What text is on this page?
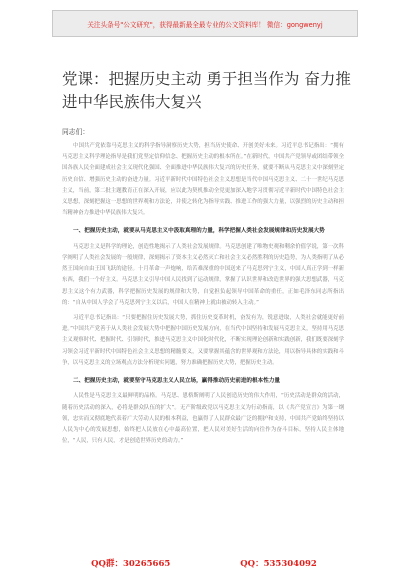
关注头条号"公文研究"，获得最新最全最专业的公文资料库！ 微信：gongwenyj
党课：把握历史主动 勇于担当作为 奋力推进中华民族伟大复兴
同志们：
中国共产党依靠马克思主义的科学指导洞察历史大势，担当历史使命、开创美好未来。习近平总书记指出：“拥有马克思主义科学理论指导是我们党坚定信仰信念、把握历史主动的根本所在。”在新时代，中国共产党领导或团结带领全国各族人民全面建成社会主义现代化强国、全面推进中华民族伟大复兴的历史任务，就要不断从马克思主义中深刻坚定历史自信、增强历史主动的奋进力量。习近平新时代中国特色社会主义思想是当代中国马克思主义、二十一世纪马克思主义，当前，第二批主题教育正在深入开展，应以此为契机推动全党更加深入地学习贯彻习近平新时代中国特色社会主义思想，深刻把握这一思想的世界观和方法论，并使之转化为指导实践、推进工作的强大力量，以强烈的历史主动和担当精神奋力推进中华民族伟大复兴。
一、把握历史主动，就要从马克思主义中汲取真理的力量，科学把握人类社会发展规律和历史发展大势
马克思主义是科学的理论，创造性地揭示了人类社会发展规律。马克思创建了唯物史观和剩余价值学说，第一次科学阐明了人类社会发展的一般规律，深刻揭示了资本主义必然灭亡和社会主义必然胜利的历史趋势，为人类指明了从必然王国向自由王国飞跃的途径。十月革命一声炮响，给苦难深重的中国送来了马克思列宁主义，中国人真正学到一样新东西，我们一个好主义。马克思主义引导中国人民找到了运动规律，掌握了认识世界和改造世界的强大思想武器，马克思主义这个有力武器，科学把握历史发展的规律和大势，自觉担负起领导中国革命的重任，正如毛泽东同志所指出的：“自从中国人学会了马克思列宁主义以后，中国人在精神上就由被动转入主动。”
习近平总书记指出：“只要把握住历史发展大势，抓住历史变革时机，奋发有为，锐意进取，人类社会就能更好前进。”中国共产党善于从人类社会发展大势中把握中国历史发展方向，在当代中国坚持和发展马克思主义，坚持用马克思主义观察时代、把握时代、引领时代，推进马克思主义中国化时代化，不断实现理论创新和实践创新，我们既要深刻学习领会习近平新时代中国特色社会主义思想的精髓要义，又要掌握其蕴含的世界观和方法论，用以指导具体的实践和斗争，以马克思主义的立场观点方法分析现实问题，努力准确把握历史大势，把握历史主动。
二、把握历史主动，就要坚守马克思主义人民立场，赢得推动历史前进的根本性力量
人民性是马克思主义最鲜明的品格。马克思、恩格斯阐明了人民创造历史的伟大作用，“历史活动是群众的活动，随着历史活动的深入，必将是群众队伍的扩大”。无产阶级政党以马克思主义为行动指南，以《共产党宣言》为第一纲领，忠实而又彻底地代表着广大劳动人民的根本利益，也赢得了人民群众最广泛的拥护和支持，中国共产党始终坚持以人民为中心的发展思想，始终把人民放在心中最高位置，把人民对美好生活的向往作为奋斗目标，坚持人民主体地位，“人民，只有人民，才是创造世界历史的动力。”
QQ群：30265665	QQ：535304092
